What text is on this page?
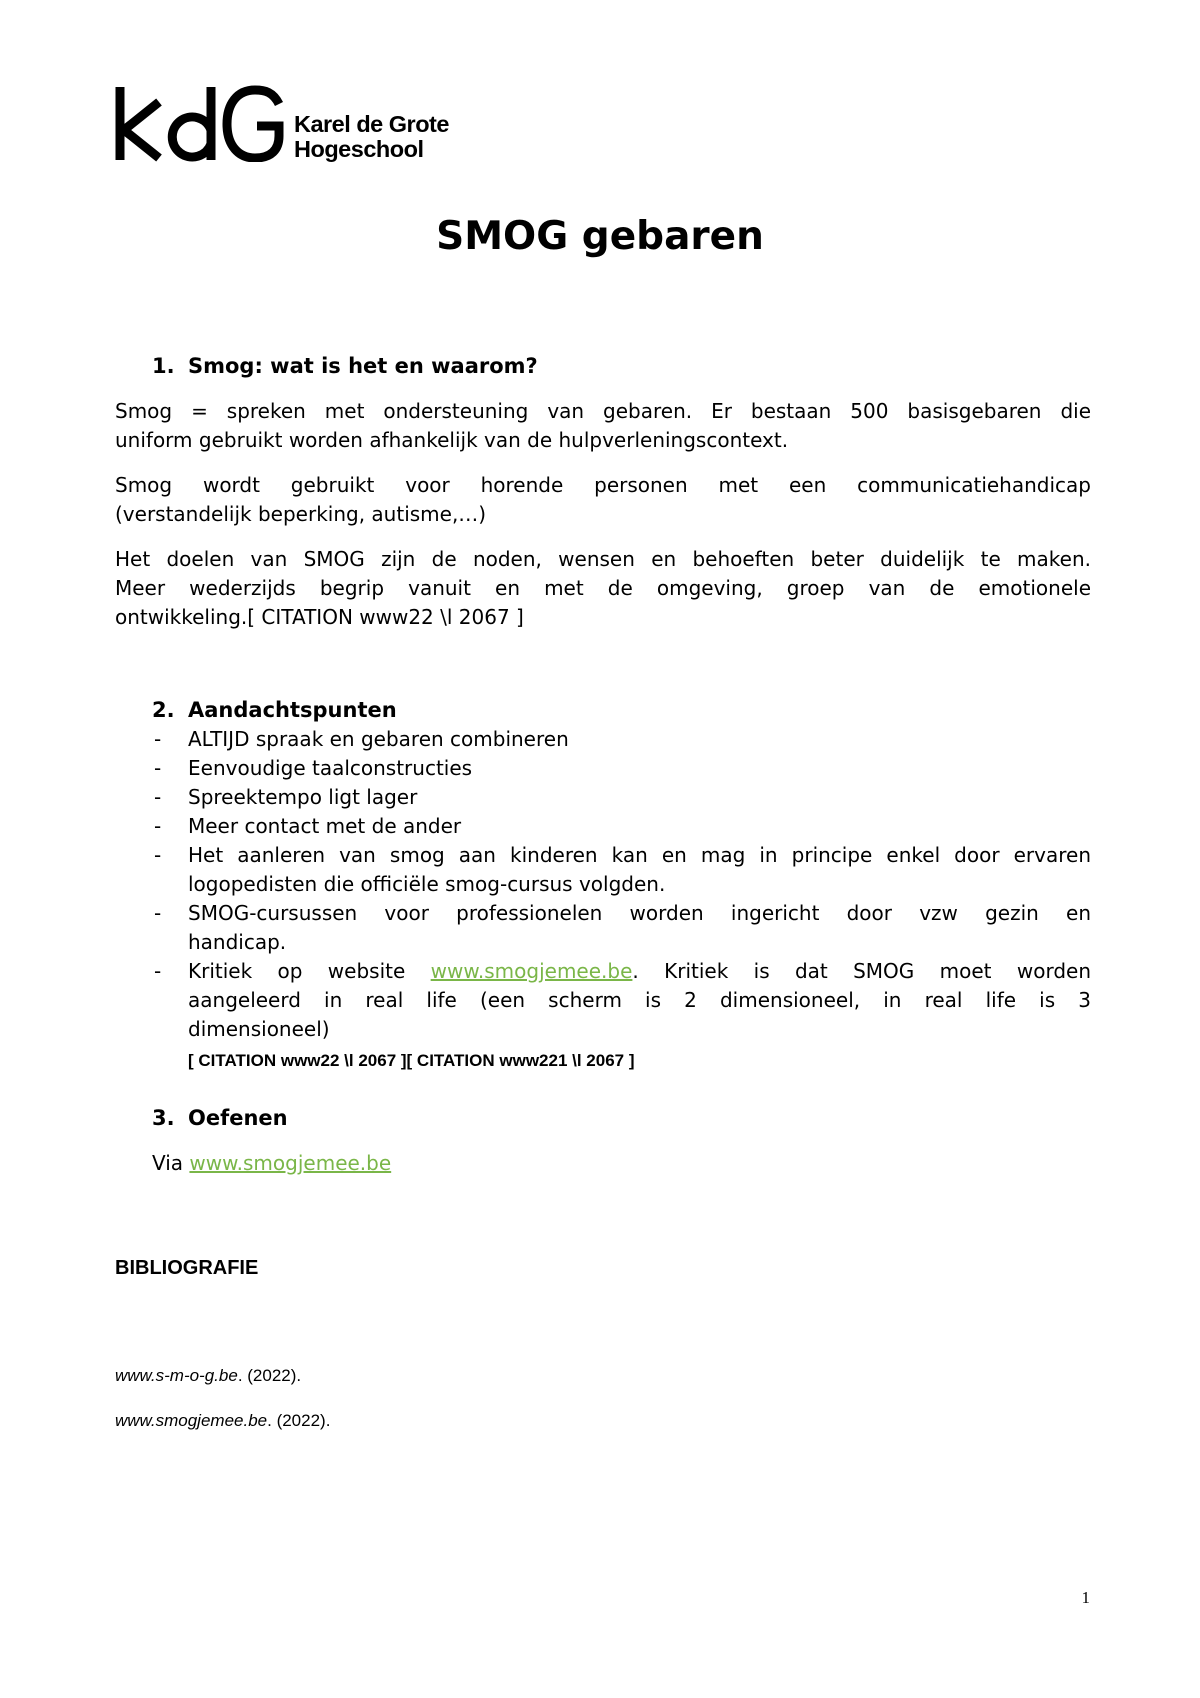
Karel de Grote
Hogeschool
SMOG gebaren
1. Smog: wat is het en waarom?
Smog = spreken met ondersteuning van gebaren. Er bestaan 500 basisgebaren die
uniform gebruikt worden afhankelijk van de hulpverleningscontext.
Smog wordt gebruikt voor horende personen met een communicatiehandicap
(verstandelijk beperking, autisme,…)
Het doelen van SMOG zijn de noden, wensen en behoeften beter duidelijk te maken.
Meer wederzijds begrip vanuit en met de omgeving, groep van de emotionele
ontwikkeling.[ CITATION www22 \l 2067 ]
2. Aandachtspunten
- ALTIJD spraak en gebaren combineren
- Eenvoudige taalconstructies
- Spreektempo ligt lager
- Meer contact met de ander
- Het aanleren van smog aan kinderen kan en mag in principe enkel door ervaren
logopedisten die officiële smog-cursus volgden.
- SMOG-cursussen voor professionelen worden ingericht door vzw gezin en
handicap.
- Kritiek op website www.smogjemee.be. Kritiek is dat SMOG moet worden
aangeleerd in real life (een scherm is 2 dimensioneel, in real life is 3
dimensioneel)
[ CITATION www22 \l 2067 ][ CITATION www221 \l 2067 ]
3. Oefenen
Via www.smogjemee.be
BIBLIOGRAFIE
www.s-m-o-g.be. (2022).
www.smogjemee.be. (2022).
1
